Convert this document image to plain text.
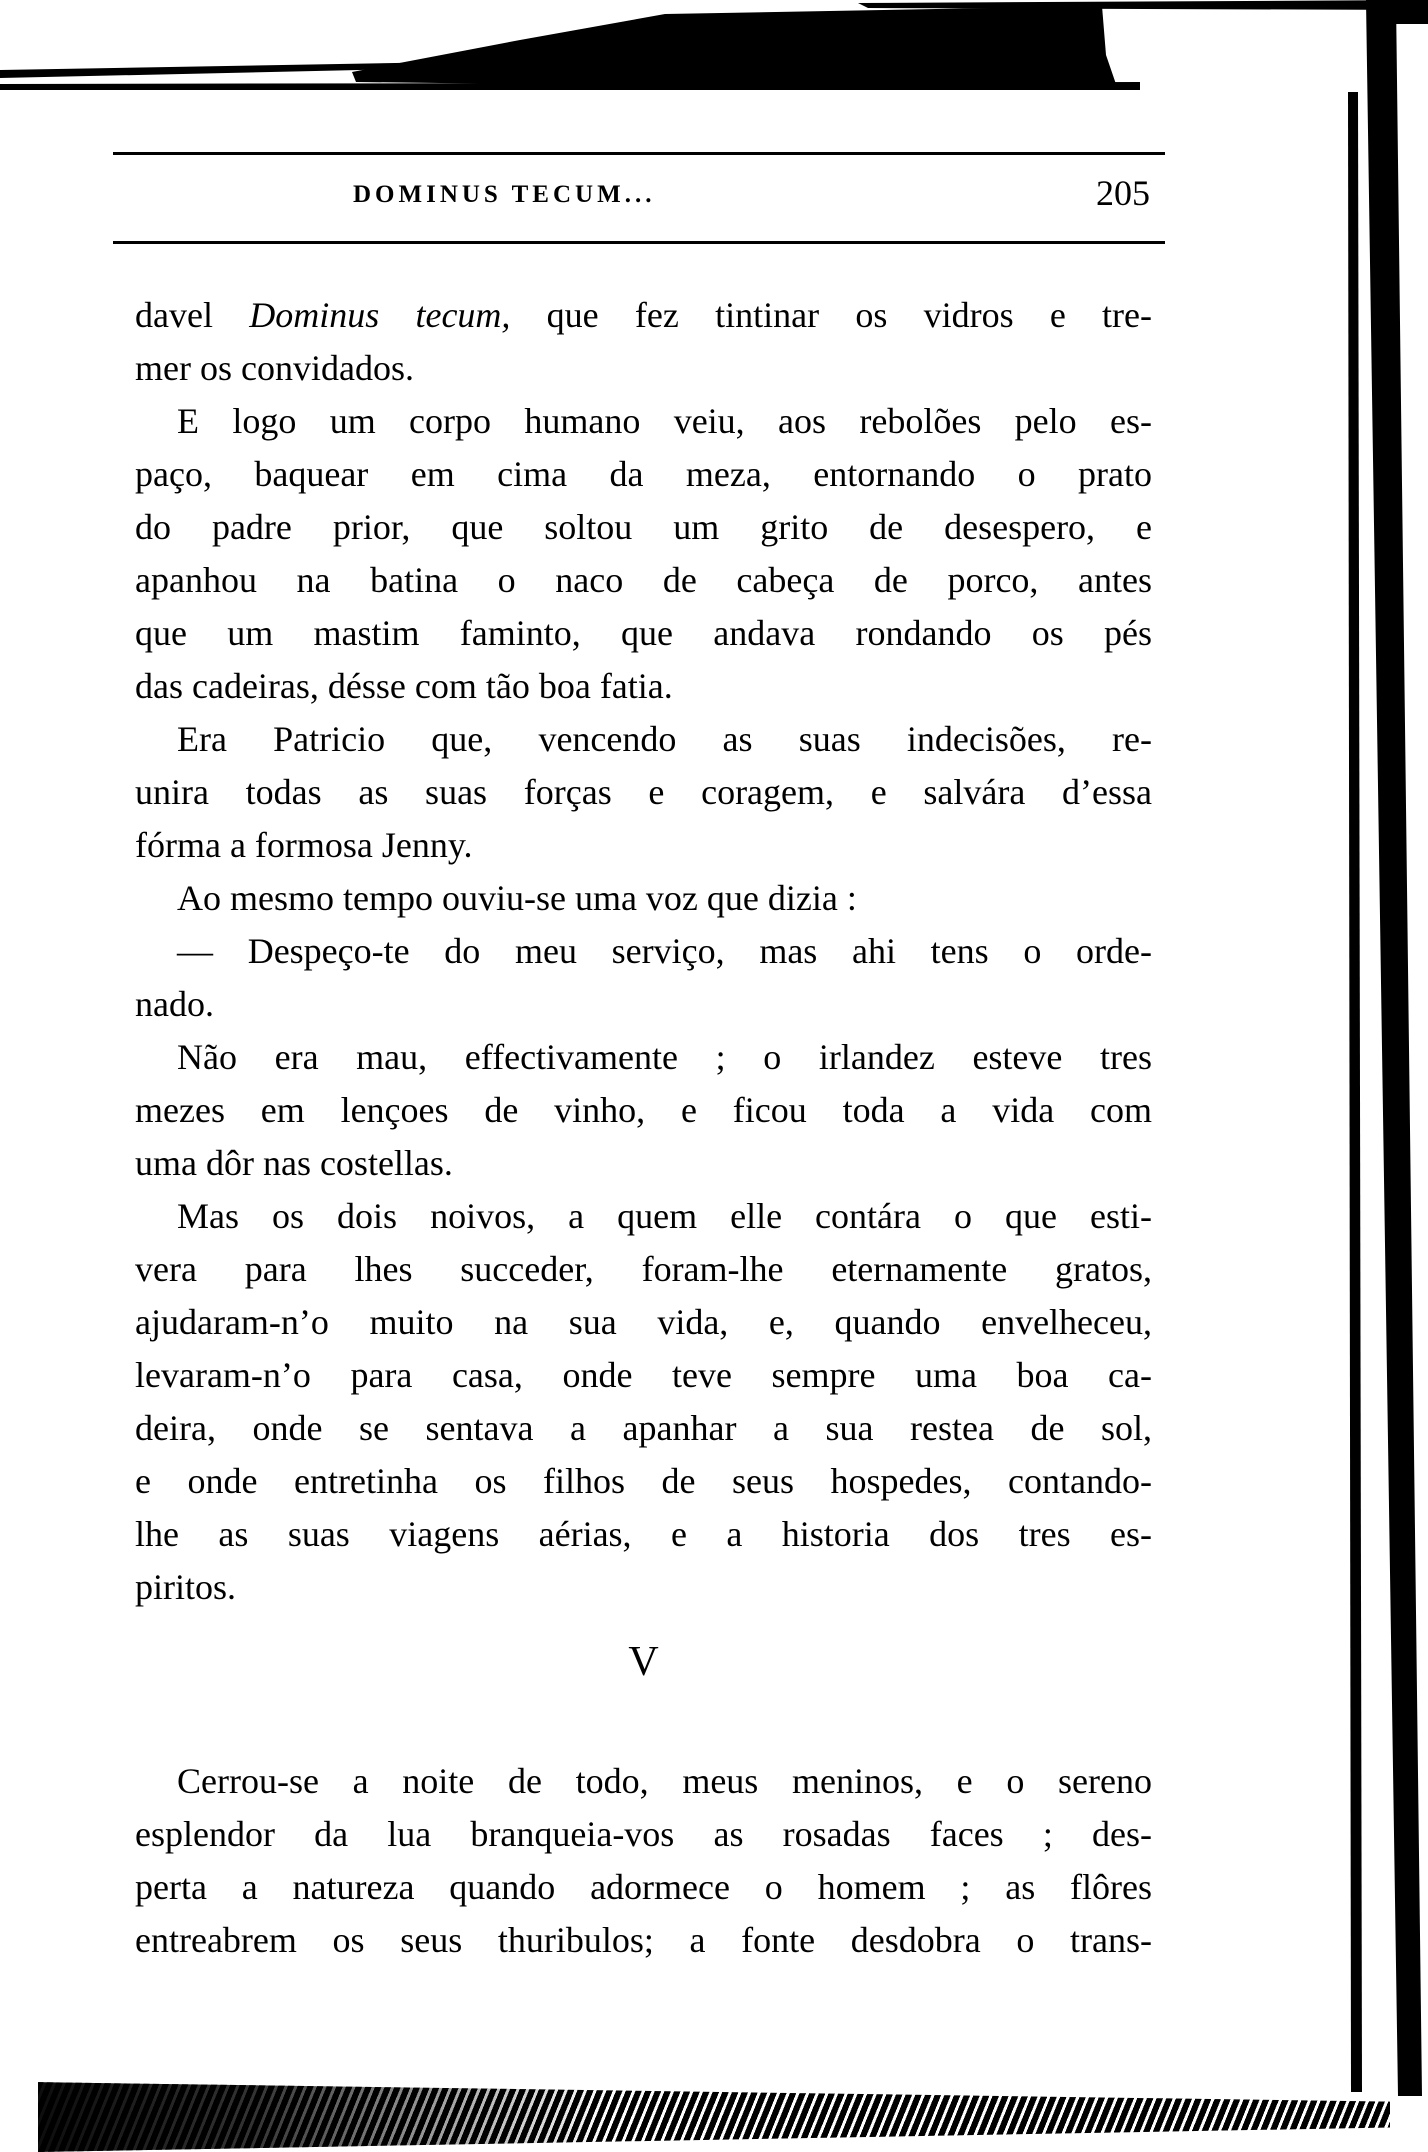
DOMINUS TECUM...	205
davel Dominus tecum, que fez tintinar os vidros e tre-
mer os convidados.
E logo um corpo humano veiu, aos rebolões pelo es-
paço, baquear em cima da meza, entornando o prato
do padre prior, que soltou um grito de desespero, e
apanhou na batina o naco de cabeça de porco, antes
que um mastim faminto, que andava rondando os pés
das cadeiras, désse com tão boa fatia.
Era Patricio que, vencendo as suas indecisões, re-
unira todas as suas forças e coragem, e salvára d’essa
fórma a formosa Jenny.
Ao mesmo tempo ouviu-se uma voz que dizia :
— Despeço-te do meu serviço, mas ahi tens o orde-
nado.
Não era mau, effectivamente ; o irlandez esteve tres
mezes em lençoes de vinho, e ficou toda a vida com
uma dôr nas costellas.
Mas os dois noivos, a quem elle contára o que esti-
vera para lhes succeder, foram-lhe eternamente gratos,
ajudaram-n’o muito na sua vida, e, quando envelheceu,
levaram-n’o para casa, onde teve sempre uma boa ca-
deira, onde se sentava a apanhar a sua restea de sol,
e onde entretinha os filhos de seus hospedes, contando-
lhe as suas viagens aérias, e a historia dos tres es-
piritos.
V
Cerrou-se a noite de todo, meus meninos, e o sereno
esplendor da lua branqueia-vos as rosadas faces ; des-
perta a natureza quando adormece o homem ; as flôres
entreabrem os seus thuribulos; a fonte desdobra o trans-
